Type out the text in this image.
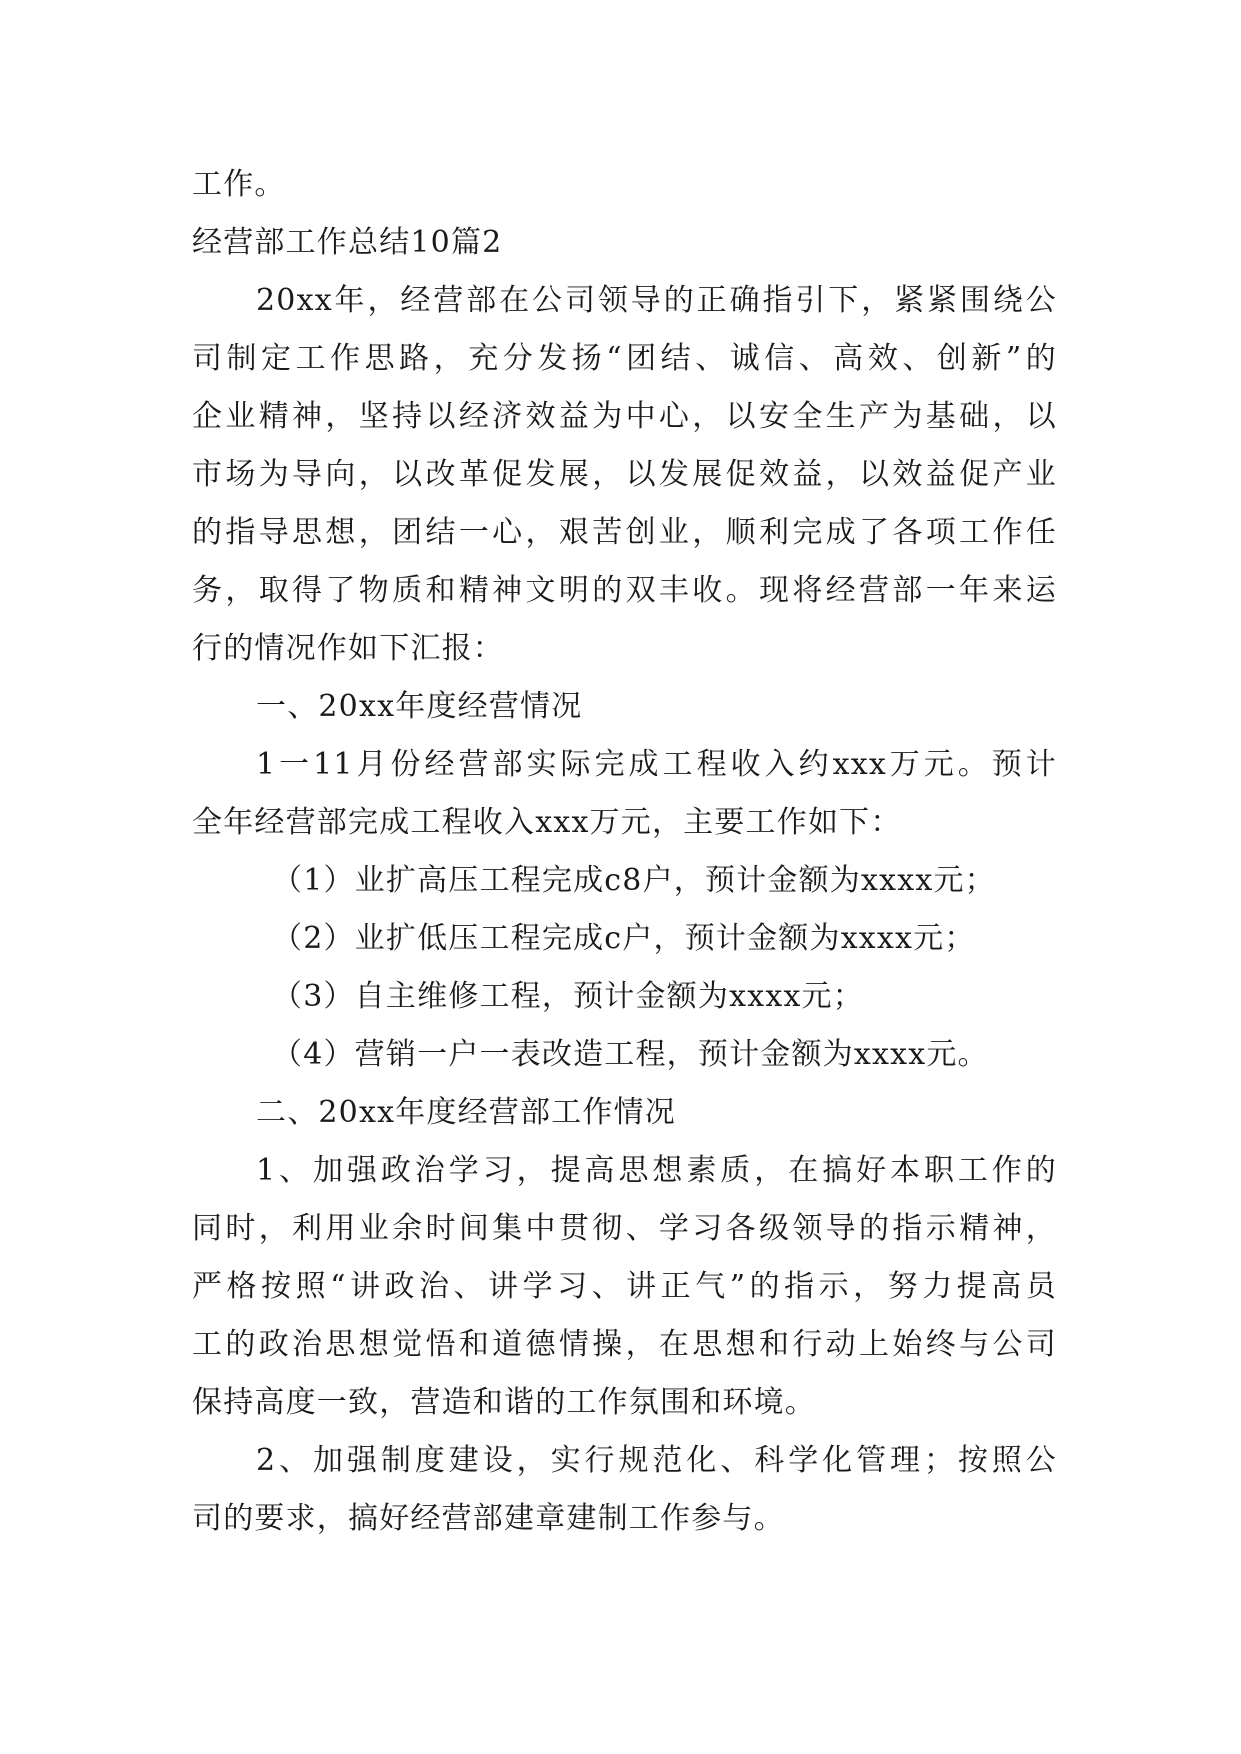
工作。
经营部工作总结10篇2
20xx年，经营部在公司领导的正确指引下，紧紧围绕公
司制定工作思路，充分发扬“团结、诚信、高效、创新”的
企业精神，坚持以经济效益为中心，以安全生产为基础，以
市场为导向，以改革促发展，以发展促效益，以效益促产业
的指导思想，团结一心，艰苦创业，顺利完成了各项工作任
务，取得了物质和精神文明的双丰收。现将经营部一年来运
行的情况作如下汇报：
一、20xx年度经营情况
1一11月份经营部实际完成工程收入约xxx万元。预计
全年经营部完成工程收入xxx万元，主要工作如下：
（1）业扩高压工程完成c8户，预计金额为xxxx元；
（2）业扩低压工程完成c户，预计金额为xxxx元；
（3）自主维修工程，预计金额为xxxx元；
（4）营销一户一表改造工程，预计金额为xxxx元。
二、20xx年度经营部工作情况
1、加强政治学习，提高思想素质，在搞好本职工作的
同时，利用业余时间集中贯彻、学习各级领导的指示精神，
严格按照“讲政治、讲学习、讲正气”的指示，努力提高员
工的政治思想觉悟和道德情操，在思想和行动上始终与公司
保持高度一致，营造和谐的工作氛围和环境。
2、加强制度建设，实行规范化、科学化管理；按照公
司的要求，搞好经营部建章建制工作参与。
